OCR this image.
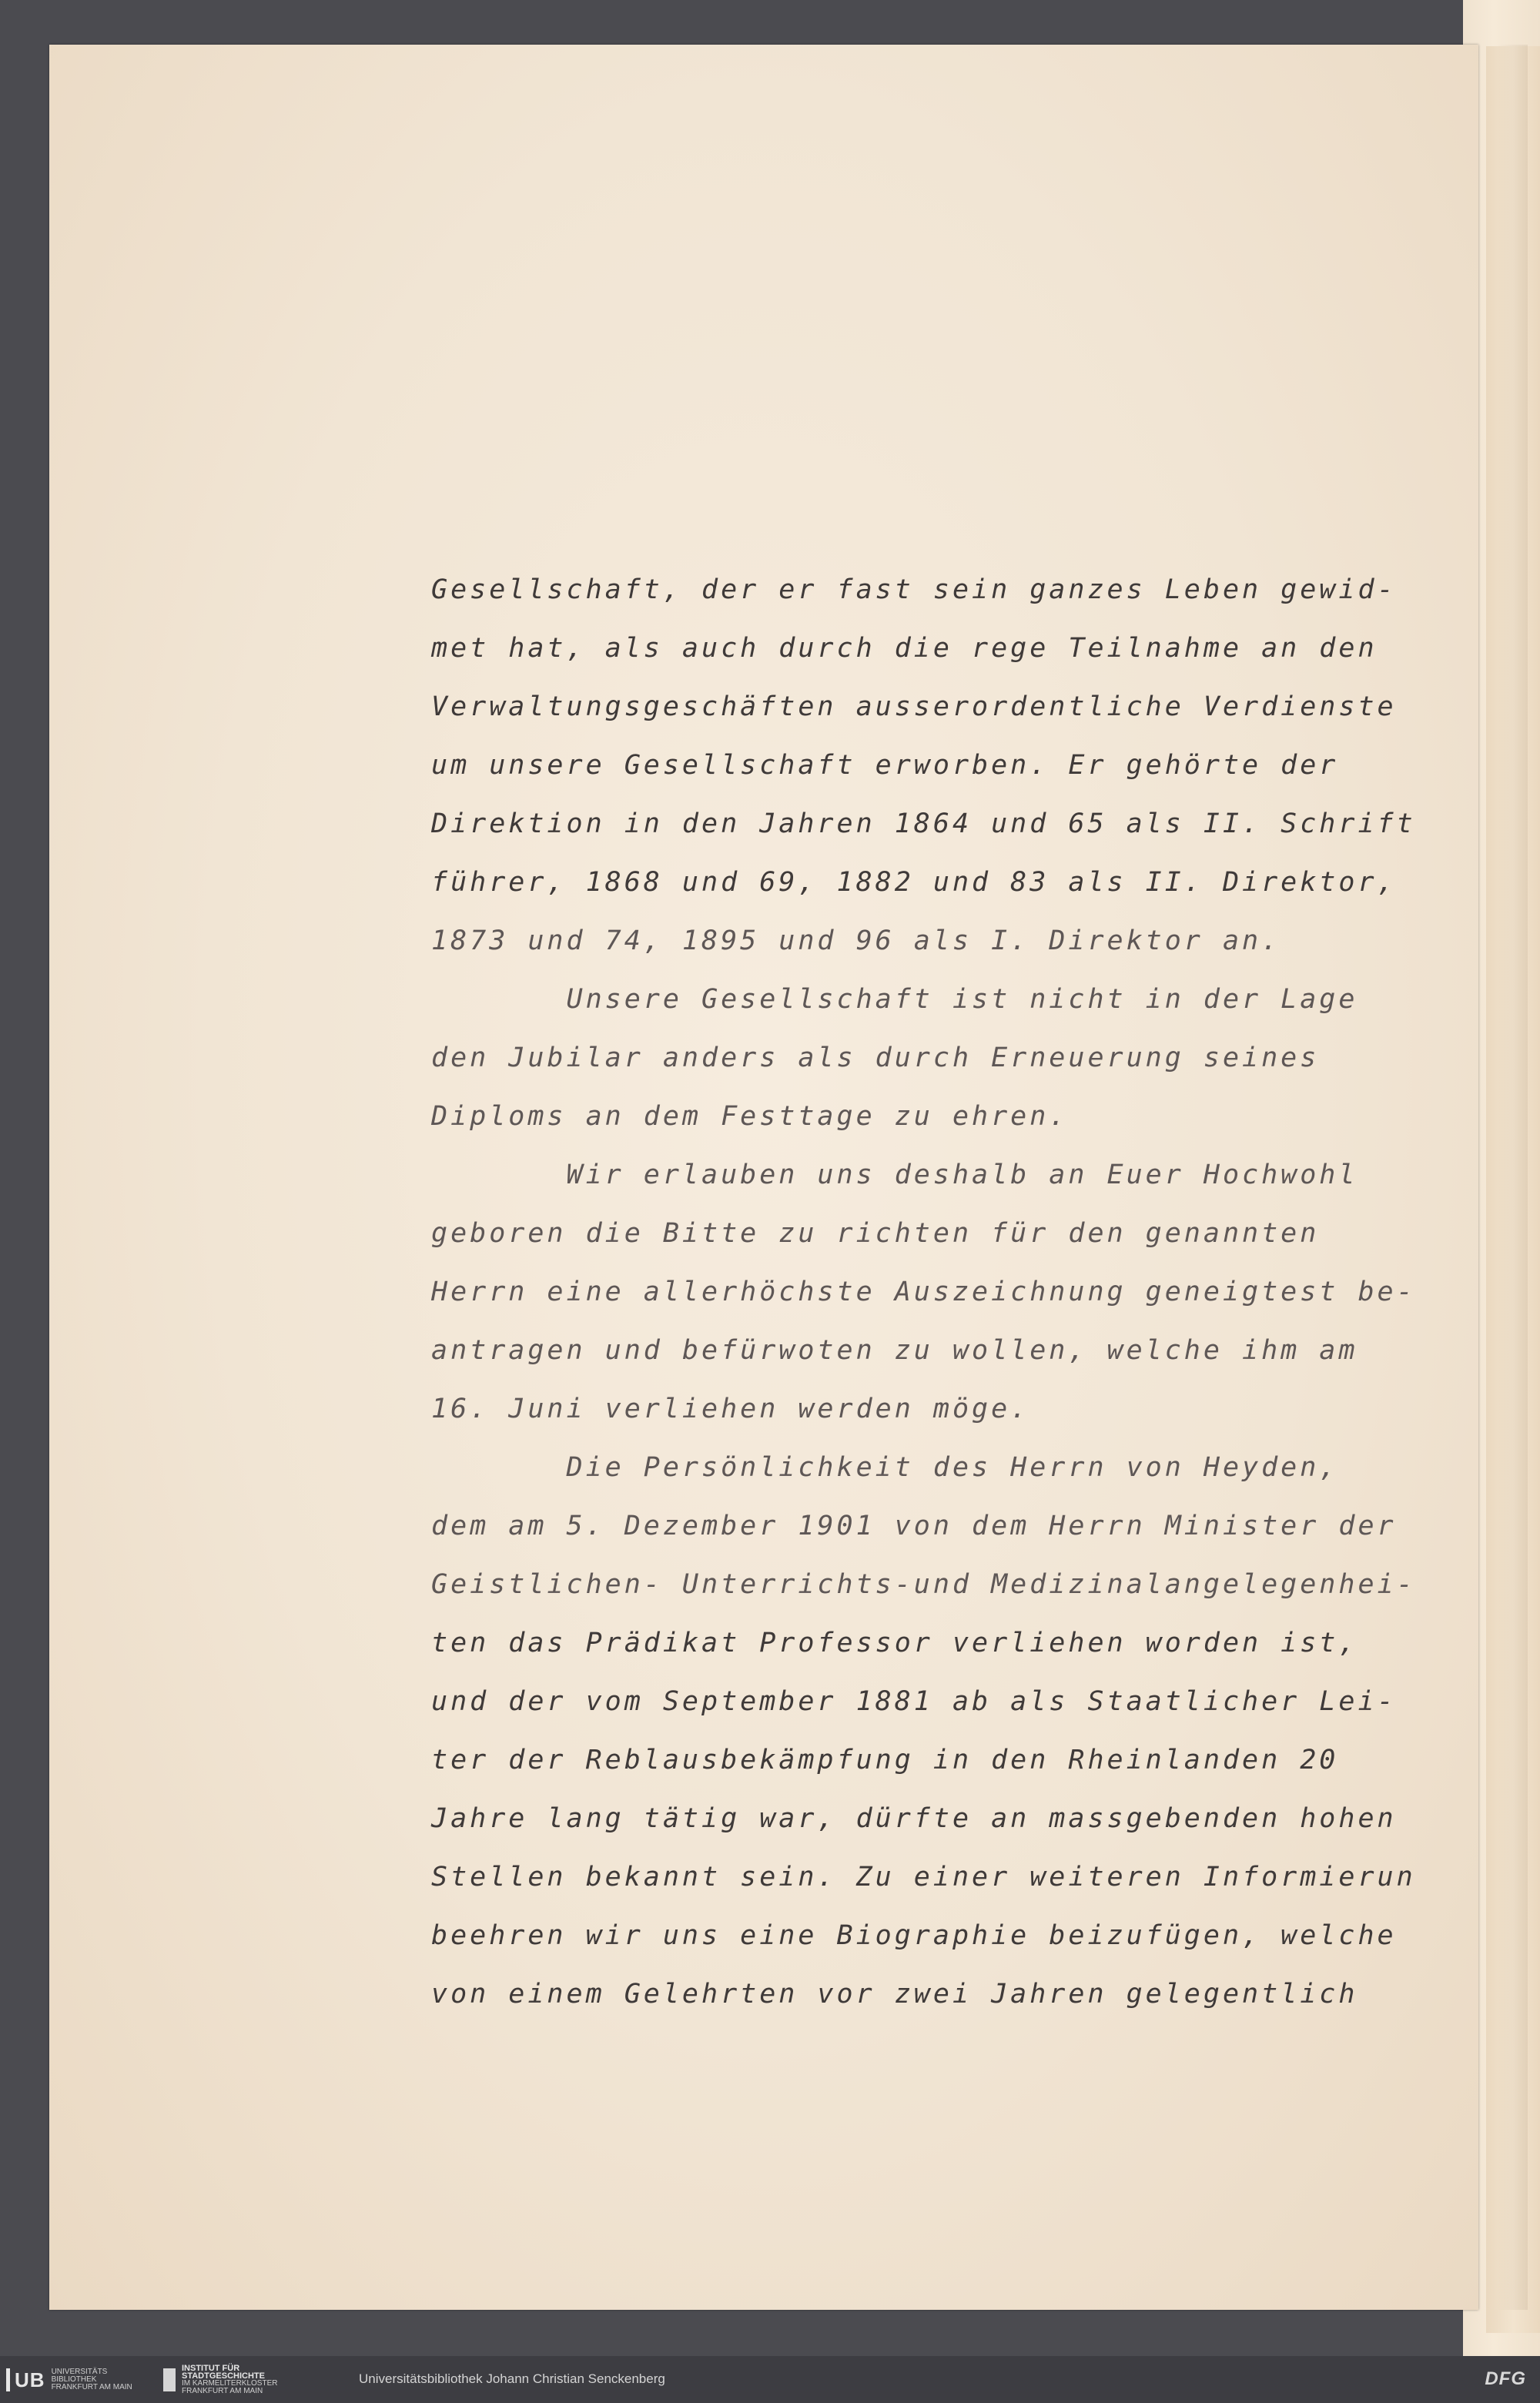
Gesellschaft, der er fast sein ganzes Leben gewid-
met hat, als auch durch die rege Teilnahme an den
Verwaltungsgeschäften ausserordentliche Verdienste
um unsere Gesellschaft erworben. Er gehörte der
Direktion in den Jahren 1864 und 65 als II. Schrift
führer, 1868 und 69, 1882 und 83 als II. Direktor,
1873 und 74, 1895 und 96 als I. Direktor an.
Unsere Gesellschaft ist nicht in der Lage
den Jubilar anders als durch Erneuerung seines
Diploms an dem Festtage zu ehren.
Wir erlauben uns deshalb an Euer Hochwohl
geboren die Bitte zu richten für den genannten
Herrn eine allerhöchste Auszeichnung geneigtest be-
antragen und befürwoten zu wollen, welche ihm am
16. Juni verliehen werden möge.
Die Persönlichkeit des Herrn von Heyden,
dem am 5. Dezember 1901 von dem Herrn Minister der
Geistlichen- Unterrichts-und Medizinalangelegenhei-
ten das Prädikat Professor verliehen worden ist,
und der vom September 1881 ab als Staatlicher Lei-
ter der Reblausbekämpfung in den Rheinlanden 20
Jahre lang tätig war, dürfte an massgebenden hohen
Stellen bekannt sein. Zu einer weiteren Informierun
beehren wir uns eine Biographie beizufügen, welche
von einem Gelehrten vor zwei Jahren gelegentlich
UB UNIVERSITÄTS
BIBLIOTHEK
FRANKFURT AM MAIN
INSTITUT FÜR
STADTGESCHICHTE
IM KARMELITERKLOSTER
FRANKFURT AM MAIN
Universitätsbibliothek Johann Christian Senckenberg	DFG
